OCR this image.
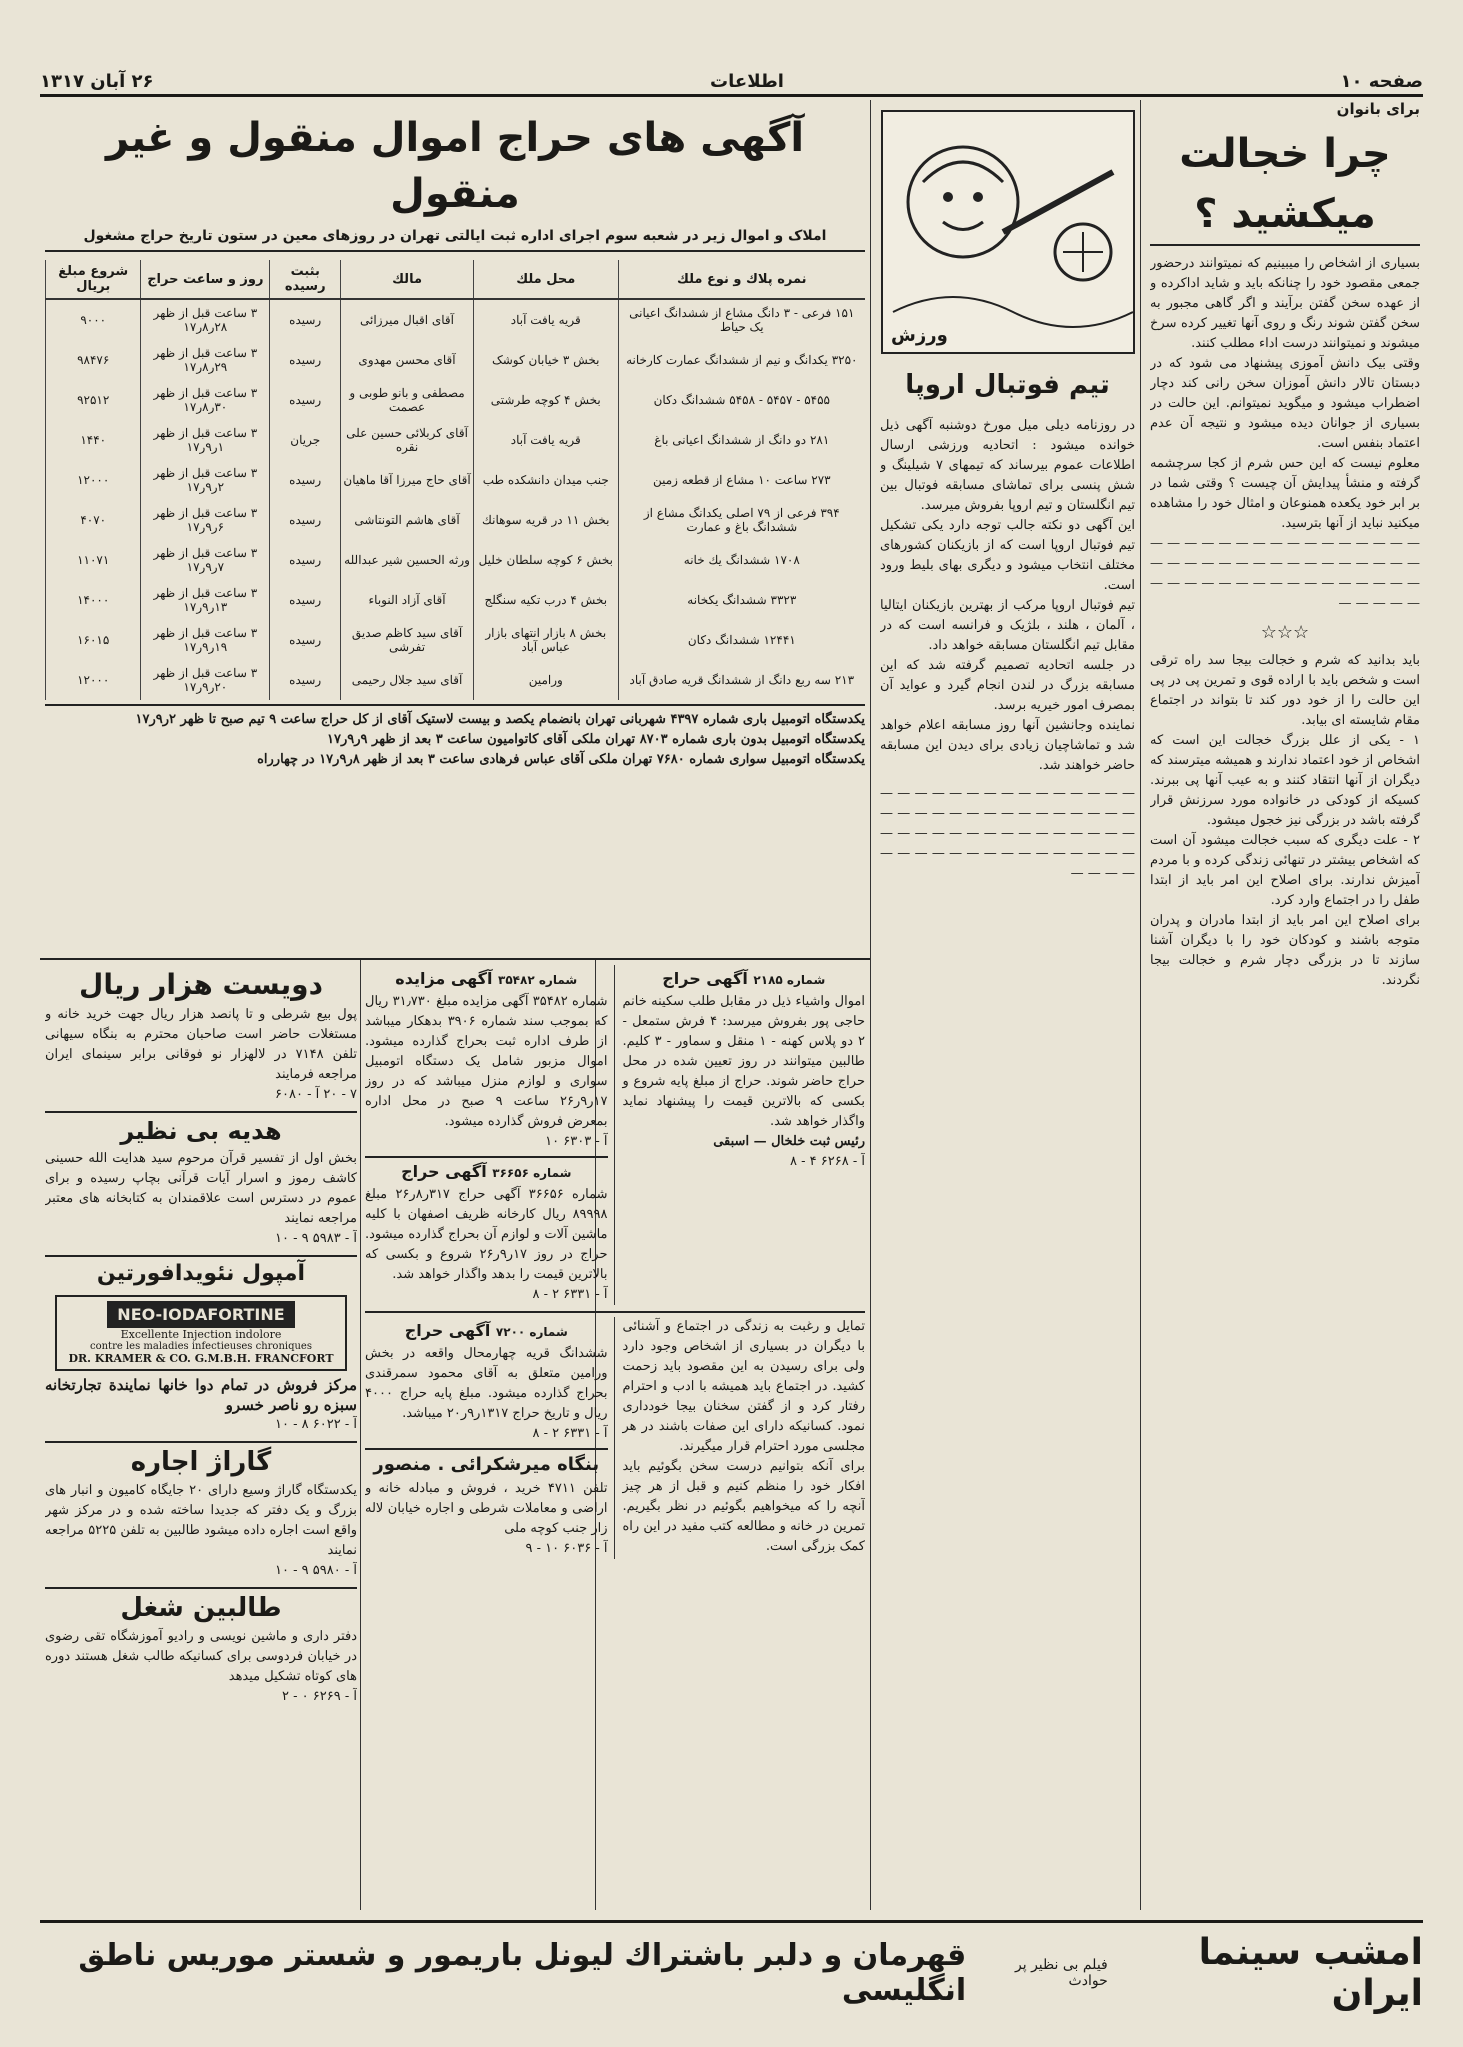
صفحه ۱۰
اطلاعات
۲۶ آبان ۱۳۱۷
برای بانوان
چرا خجالت میکشید ؟

بسیاری از اشخاص را میبینیم که نمیتوانند درحضور جمعی مقصود خود را چنانکه باید و شاید اداکرده و از عهده سخن گفتن برآیند و اگر گاهی مجبور به سخن گفتن شوند رنگ و روی آنها تغییر کرده سرخ میشوند و نمیتوانند درست اداء مطلب کنند.

وقتی بیک دانش آموزی پیشنهاد می شود که در دبستان تالار دانش آموزان سخن رانی کند دچار اضطراب میشود و میگوید نمیتوانم. این حالت در بسیاری از جوانان دیده میشود و نتیجه آن عدم اعتماد بنفس است.

معلوم نیست که این حس شرم از کجا سرچشمه گرفته و منشأ پیدایش آن چیست ؟ وقتی شما در بر ابر خود یکعده همنوعان و امثال خود را مشاهده میکنید نباید از آنها بترسید.

— — — — — — — — — — — — — — — — — — — — — — — — — — — — — — — — — — — — — — — — — — — — — — — — — — — — —
☆☆☆

باید بدانید که شرم و خجالت بیجا سد راه ترقی است و شخص باید با اراده قوی و تمرین پی در پی این حالت را از خود دور کند تا بتواند در اجتماع مقام شایسته ای بیابد.

۱ - یکی از علل بزرگ خجالت این است که اشخاص از خود اعتماد ندارند و همیشه میترسند که دیگران از آنها انتقاد کنند و به عیب آنها پی ببرند. کسیکه از کودکی در خانواده مورد سرزنش قرار گرفته باشد در بزرگی نیز خجول میشود.

۲ - علت دیگری که سبب خجالت میشود آن است که اشخاص بیشتر در تنهائی زندگی کرده و با مردم آمیزش ندارند. برای اصلاح این امر باید از ابتدا طفل را در اجتماع وارد کرد.

برای اصلاح این امر باید از ابتدا مادران و پدران متوجه باشند و کودکان خود را با دیگران آشنا سازند تا در بزرگی دچار شرم و خجالت بیجا نگردند.

ورزش
تیم فوتبال اروپا

در روزنامه دیلی میل مورخ دوشنبه آگهی ذیل خوانده میشود : اتحادیه ورزشی ارسال اطلاعات عموم بیرساند که تیمهای ۷ شیلینگ و شش پنسی برای تماشای مسابقه فوتبال بین تیم انگلستان و تیم اروپا بفروش میرسد.

این آگهی دو نکته جالب توجه دارد یکی تشکیل تیم فوتبال اروپا است که از بازیکنان کشورهای مختلف انتخاب میشود و دیگری بهای بلیط ورود است.

تیم فوتبال اروپا مرکب از بهترین بازیکنان ایتالیا ، آلمان ، هلند ، بلژیک و فرانسه است که در مقابل تیم انگلستان مسابقه خواهد داد.

در جلسه اتحادیه تصمیم گرفته شد که این مسابقه بزرگ در لندن انجام گیرد و عواید آن بمصرف امور خیریه برسد.

نماینده وجانشین آنها روز مسابقه اعلام خواهد شد و تماشاچیان زیادی برای دیدن این مسابقه حاضر خواهند شد.

— — — — — — — — — — — — — — — — — — — — — — — — — — — — — — — — — — — — — — — — — — — — — — — — — — — — — — — — — — — — — — — —
آگهی های حراج اموال منقول و غیر منقول
املاک و اموال زیر در شعبه سوم اجرای اداره ثبت ایالتی تهران در روزهای معین در ستون تاریخ حراج مشغول
نمره پلاك و نوع ملك	محل ملك	مالك	بثبت رسیده	روز و ساعت حراج	شروع مبلغ بریال
۱۵۱ فرعی - ۳ دانگ مشاع از ششدانگ اعیانی یک حیاط	قریه یافت آباد	آقای اقبال میرزائی	رسیده	۳ ساعت قبل از ظهر ۲۸ر۸ر۱۷	۹۰۰۰
۳۲۵۰ یکدانگ و نیم از ششدانگ عمارت کارخانه	بخش ۳ خیابان کوشک	آقای محسن مهدوی	رسیده	۳ ساعت قبل از ظهر ۲۹ر۸ر۱۷	۹۸۴۷۶
۵۴۵۵ - ۵۴۵۷ - ۵۴۵۸ ششدانگ دکان	بخش ۴ کوچه طرشتی	مصطفی و بانو طوبی و عصمت	رسیده	۳ ساعت قبل از ظهر ۳۰ر۸ر۱۷	۹۲۵۱۲
۲۸۱ دو دانگ از ششدانگ اعیانی باغ	قریه یافت آباد	آقای کربلائی حسین علی نقره	جریان	۳ ساعت قبل از ظهر ۱ر۹ر۱۷	۱۴۴۰
۲۷۳ ساعت ۱۰ مشاع از قطعه زمین	جنب میدان دانشکده طب	آقای حاج میرزا آقا ماهیان	رسیده	۳ ساعت قبل از ظهر ۲ر۹ر۱۷	۱۲۰۰۰
۳۹۴ فرعی از ۷۹ اصلی یکدانگ مشاع از ششدانگ باغ و عمارت	بخش ۱۱ در قریه سوهانك	آقای هاشم التونتاشی	رسیده	۳ ساعت قبل از ظهر ۶ر۹ر۱۷	۴۰۷۰
۱۷۰۸ ششدانگ یك خانه	بخش ۶ کوچه سلطان خلیل	ورثه الحسین شیر عبدالله	رسیده	۳ ساعت قبل از ظهر ۷ر۹ر۱۷	۱۱۰۷۱
۳۳۲۳ ششدانگ یکخانه	بخش ۴ درب تکیه سنگلج	آقای آزاد النوباء	رسیده	۳ ساعت قبل از ظهر ۱۳ر۹ر۱۷	۱۴۰۰۰
۱۲۴۴۱ ششدانگ دکان	بخش ۸ بازار انتهای بازار عباس آباد	آقای سید کاظم صدیق تفرشی	رسیده	۳ ساعت قبل از ظهر ۱۹ر۹ر۱۷	۱۶۰۱۵
۲۱۳ سه ربع دانگ از ششدانگ قریه صادق آباد	ورامین	آقای سید جلال رحیمی	رسیده	۳ ساعت قبل از ظهر ۲۰ر۹ر۱۷	۱۲۰۰۰

یکدستگاه اتومبیل باری شماره ۴۳۹۷ شهربانی تهران بانضمام یکصد و بیست لاستیک آقای از کل حراج ساعت ۹ تیم صبح تا ظهر ۲ر۹ر۱۷

یکدستگاه اتومبیل بدون باری شماره ۸۷۰۳ تهران ملکی آقای کاتوامیون ساعت ۳ بعد از ظهر ۹ر۹ر۱۷

یکدستگاه اتومبیل سواری شماره ۷۶۸۰ تهران ملکی آقای عباس فرهادی ساعت ۳ بعد از ظهر ۸ر۹ر۱۷ در چهارراه

شماره ۲۱۸۵ آگهی حراج

اموال واشیاء ذیل در مقابل طلب سکینه خانم حاجی پور بفروش میرسد: ۴ فرش ستمعل - ۲ دو پلاس کهنه - ۱ منقل و سماور - ۳ کلیم. طالبین میتوانند در روز تعیین شده در محل حراج حاضر شوند. حراج از مبلغ پایه شروع و بکسی که بالاترین قیمت را پیشنهاد نماید واگذار خواهد شد.

رئیس ثبت خلخال — اسبقی

آ - ۶۲۶۸ ۴ - ۸

شماره ۳۵۴۸۲ آگهی مزایده

شماره ۳۵۴۸۲ آگهی مزایده مبلغ ۳۱٫۷۳۰ ریال که بموجب سند شماره ۳۹۰۶ بدهکار میباشد از طرف اداره ثبت بحراج گذارده میشود. اموال مزبور شامل یک دستگاه اتومبیل سواری و لوازم منزل میباشد که در روز ۱۷ر۹ر۲۶ ساعت ۹ صبح در محل اداره بمعرض فروش گذارده میشود.

آ - ۶۳۰۳ ۱۰

شماره ۳۶۶۵۶ آگهی حراج

شماره ۳۶۶۵۶ آگهی حراج ۳۱۷ر۸ر۲۶ مبلغ ۸۹۹۹۸ ریال کارخانه ظریف اصفهان با کلیه ماشین آلات و لوازم آن بحراج گذارده میشود. حراج در روز ۱۷ر۹ر۲۶ شروع و بکسی که بالاترین قیمت را بدهد واگذار خواهد شد.

آ - ۶۳۳۱ ۲ - ۸

تمایل و رغبت به زندگی در اجتماع و آشنائی با دیگران در بسیاری از اشخاص وجود دارد ولی برای رسیدن به این مقصود باید زحمت کشید. در اجتماع باید همیشه با ادب و احترام رفتار کرد و از گفتن سخنان بیجا خودداری نمود. کسانیکه دارای این صفات باشند در هر مجلسی مورد احترام قرار میگیرند.

برای آنکه بتوانیم درست سخن بگوئیم باید افکار خود را منظم کنیم و قبل از هر چیز آنچه را که میخواهیم بگوئیم در نظر بگیریم. تمرین در خانه و مطالعه کتب مفید در این راه کمک بزرگی است.

شماره ۷۲۰۰ آگهی حراج

ششدانگ قریه چهارمحال واقعه در بخش ورامین متعلق به آقای محمود سمرقندی بحراج گذارده میشود. مبلغ پایه حراج ۴۰۰۰ ریال و تاریخ حراج ۱۳۱۷ر۹ر۲۰ میباشد.

آ - ۶۳۳۱ ۲ - ۸

بنگاه میرشکرائی . منصور

تلفن ۴۷۱۱ خرید ، فروش و مبادله خانه و اراضی و معاملات شرطی و اجاره خیابان لاله زار جنب کوچه ملی

آ - ۶۰۳۶ ۱۰ - ۹

دویست هزار ریال

پول بیع شرطی و تا پانصد هزار ریال جهت خرید خانه و مستغلات حاضر است صاحبان محترم به بنگاه سیهانی تلفن ۷۱۴۸ در لالهزار نو فوقانی برابر سینمای ایران مراجعه فرمایند

۷ - ۲۰ آ - ۶۰۸۰

هدیه بی نظیر

بخش اول از تفسیر قرآن مرحوم سید هدایت الله حسینی کاشف رموز و اسرار آیات قرآنی بچاپ رسیده و برای عموم در دسترس است علاقمندان به کتابخانه های معتبر مراجعه نمایند

آ - ۵۹۸۳ ۹ - ۱۰

آمپول نئویدافورتین
NEO-IODAFORTINE
Excellente Injection indolore
contre les maladies infectieuses chroniques
DR. KRAMER & CO. G.M.B.H. FRANCFORT

مرکز فروش در تمام دوا خانها نمایندة تجارتخانه سبزه رو ناصر خسرو

آ - ۶۰۲۲ ۸ - ۱۰

گاراژ اجاره

یکدستگاه گاراژ وسیع دارای ۲۰ جایگاه کامیون و انبار های بزرگ و یک دفتر که جدیدا ساخته شده و در مرکز شهر واقع است اجاره داده میشود طالبین به تلفن ۵۲۲۵ مراجعه نمایند

آ - ۵۹۸۰ ۹ - ۱۰

طالبین شغل

دفتر داری و ماشین نویسی و رادیو آموزشگاه تقی رضوی در خیابان فردوسی برای کسانیکه طالب شغل هستند دوره های کوتاه تشکیل میدهد

آ - ۶۲۶۹ ۰ - ۲

امشب سینما ایران
فیلم بی نظیر پر حوادث
قهرمان و دلبر باشتراك لیونل باریمور و شستر موریس ناطق انگلیسی
